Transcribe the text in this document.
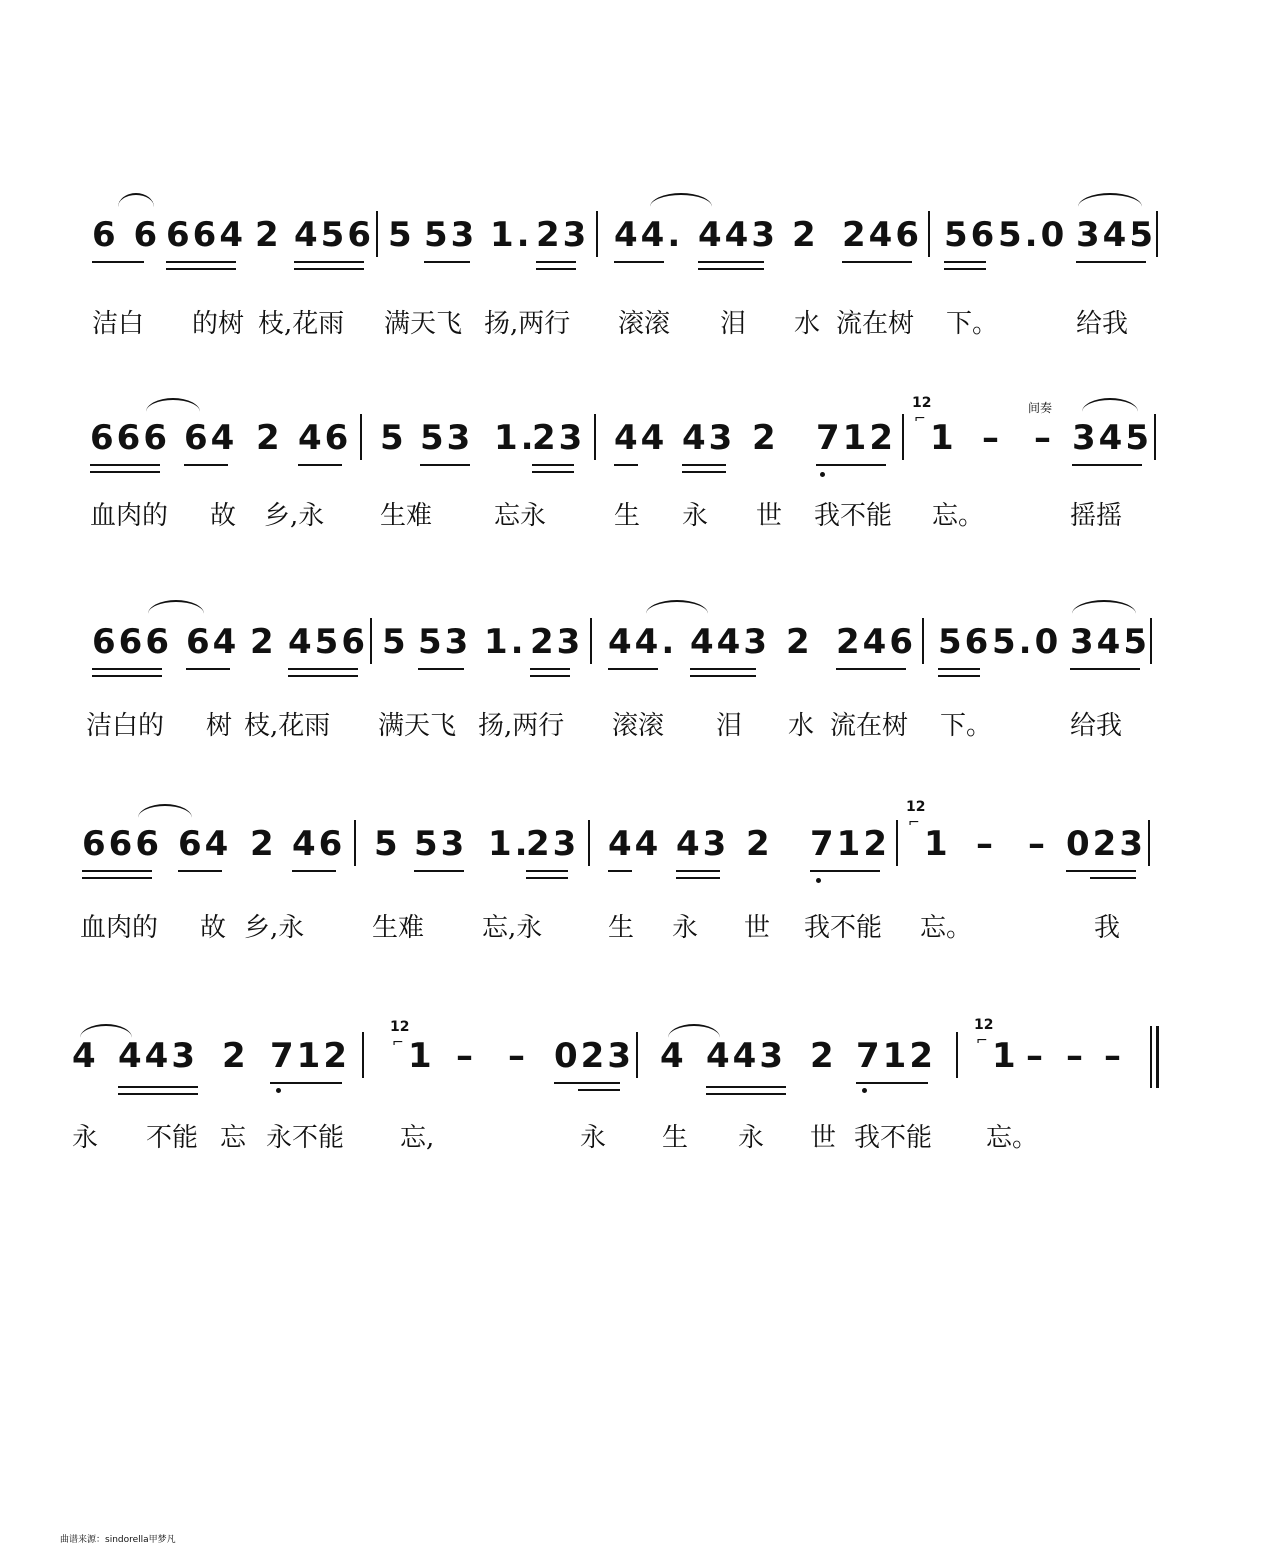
6 6 664 2 456 5 53 1. 23 44. 443 2 246 56 5.0 345
洁白 的树 枝,花雨 满天飞 扬,两行 滚滚 泪 水 流在树 下。	给我
666 64 2 46 5 53 1.
23 44 43 2 712
12
⌐ 1 – –
间奏
345
血肉的 故 乡,永 生难 忘永	生 永 世 我不能 忘。	摇摇
666 64 2 456 5 53 1. 23 44. 443 2 246 56 5.0 345
洁白的 树 枝,花雨 满天飞 扬,两行 滚滚 泪 水 流在树 下。	给我
666 64 2 46 5 53 1.
23 44 43 2 712
12
⌐
1 – – 023
血肉的 故 乡,永	生难 忘,永	生 永 世 我不能 忘。	我
4 443 2 712
12
⌐ 1 – – 023 4 443 2 712
12
⌐ 1 – – –
永 不能 忘 永不能 忘,	永 生 永 世 我不能 忘。
曲谱来源：sindorella甲梦凡
